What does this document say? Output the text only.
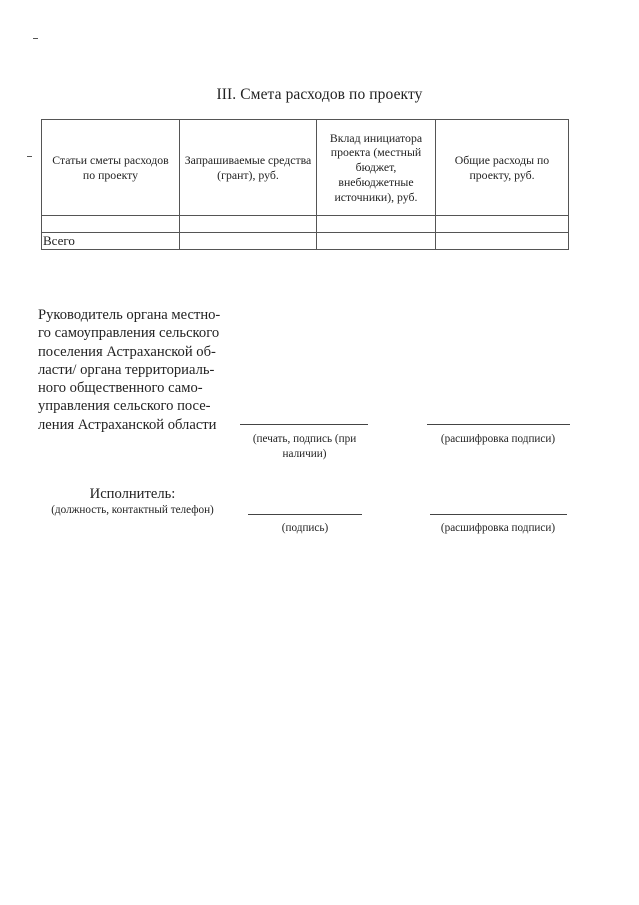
III. Смета расходов по проекту
Статьи сметы расходов по проекту	Запрашиваемые средства (грант), руб.	Вклад инициатора проекта (местный бюджет, внебюджетные источники), руб.	Общие расходы по проекту, руб.

Всего			
Руководитель органа местно-
го самоуправления сельского
поселения Астраханской об-
ласти/ органа территориаль-
ного общественного само-
управления сельского посе-
ления Астраханской области
(печать, подпись (при
наличии)
(расшифровка подписи)
Исполнитель:
(должность, контактный телефон)
(подпись)	(расшифровка подписи)
